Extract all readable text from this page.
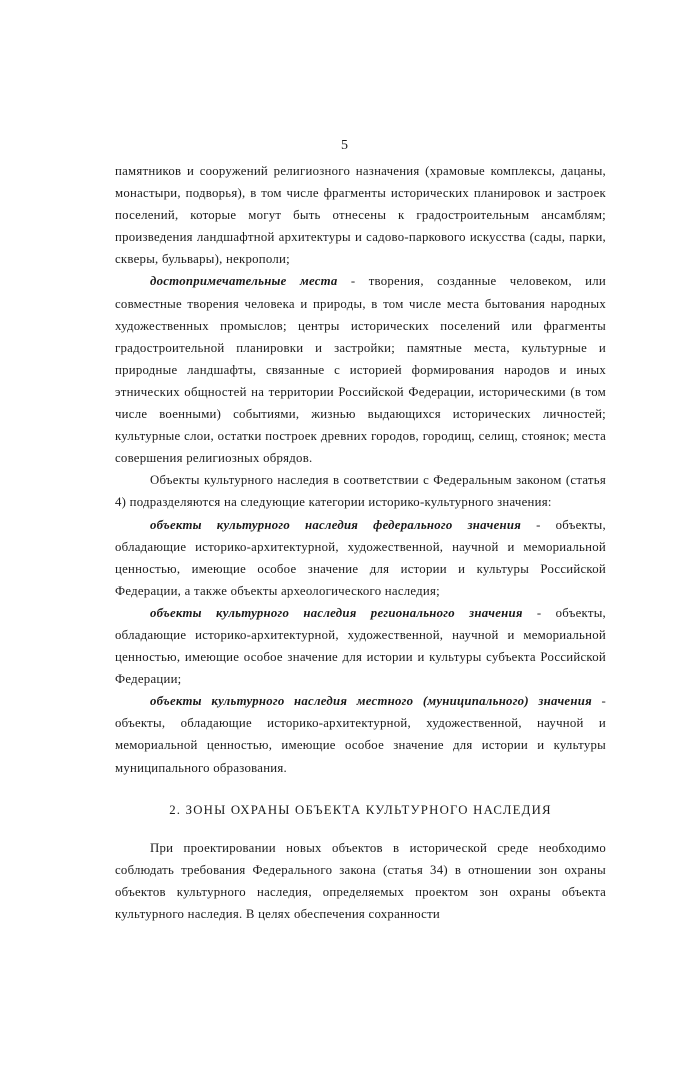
5

памятников и сооружений религиозного назначения (храмовые комплексы, дацаны, монастыри, подворья), в том числе фрагменты исторических планировок и застроек поселений, которые могут быть отнесены к градостроительным ансамблям; произведения ландшафтной архитектуры и садово-паркового искусства (сады, парки, скверы, бульвары), некрополи;

достопримечательные места - творения, созданные человеком, или совместные творения человека и природы, в том числе места бытования народных художественных промыслов; центры исторических поселений или фрагменты градостроительной планировки и застройки; памятные места, культурные и природные ландшафты, связанные с историей формирования народов и иных этнических общностей на территории Российской Федерации, историческими (в том числе военными) событиями, жизнью выдающихся исторических личностей; культурные слои, остатки построек древних городов, городищ, селищ, стоянок; места совершения религиозных обрядов.

Объекты культурного наследия в соответствии с Федеральным законом (статья 4) подразделяются на следующие категории историко-культурного значения:

объекты культурного наследия федерального значения - объекты, обладающие историко-архитектурной, художественной, научной и мемориальной ценностью, имеющие особое значение для истории и культуры Российской Федерации, а также объекты археологического наследия;

объекты культурного наследия регионального значения - объекты, обладающие историко-архитектурной, художественной, научной и мемориальной ценностью, имеющие особое значение для истории и культуры субъекта Российской Федерации;

объекты культурного наследия местного (муниципального) значения - объекты, обладающие историко-архитектурной, художественной, научной и мемориальной ценностью, имеющие особое значение для истории и культуры муниципального образования.

2. ЗОНЫ ОХРАНЫ ОБЪЕКТА КУЛЬТУРНОГО НАСЛЕДИЯ

При проектировании новых объектов в исторической среде необходимо соблюдать требования Федерального закона (статья 34) в отношении зон охраны объектов культурного наследия, определяемых проектом зон охраны объекта культурного наследия. В целях обеспечения сохранности
